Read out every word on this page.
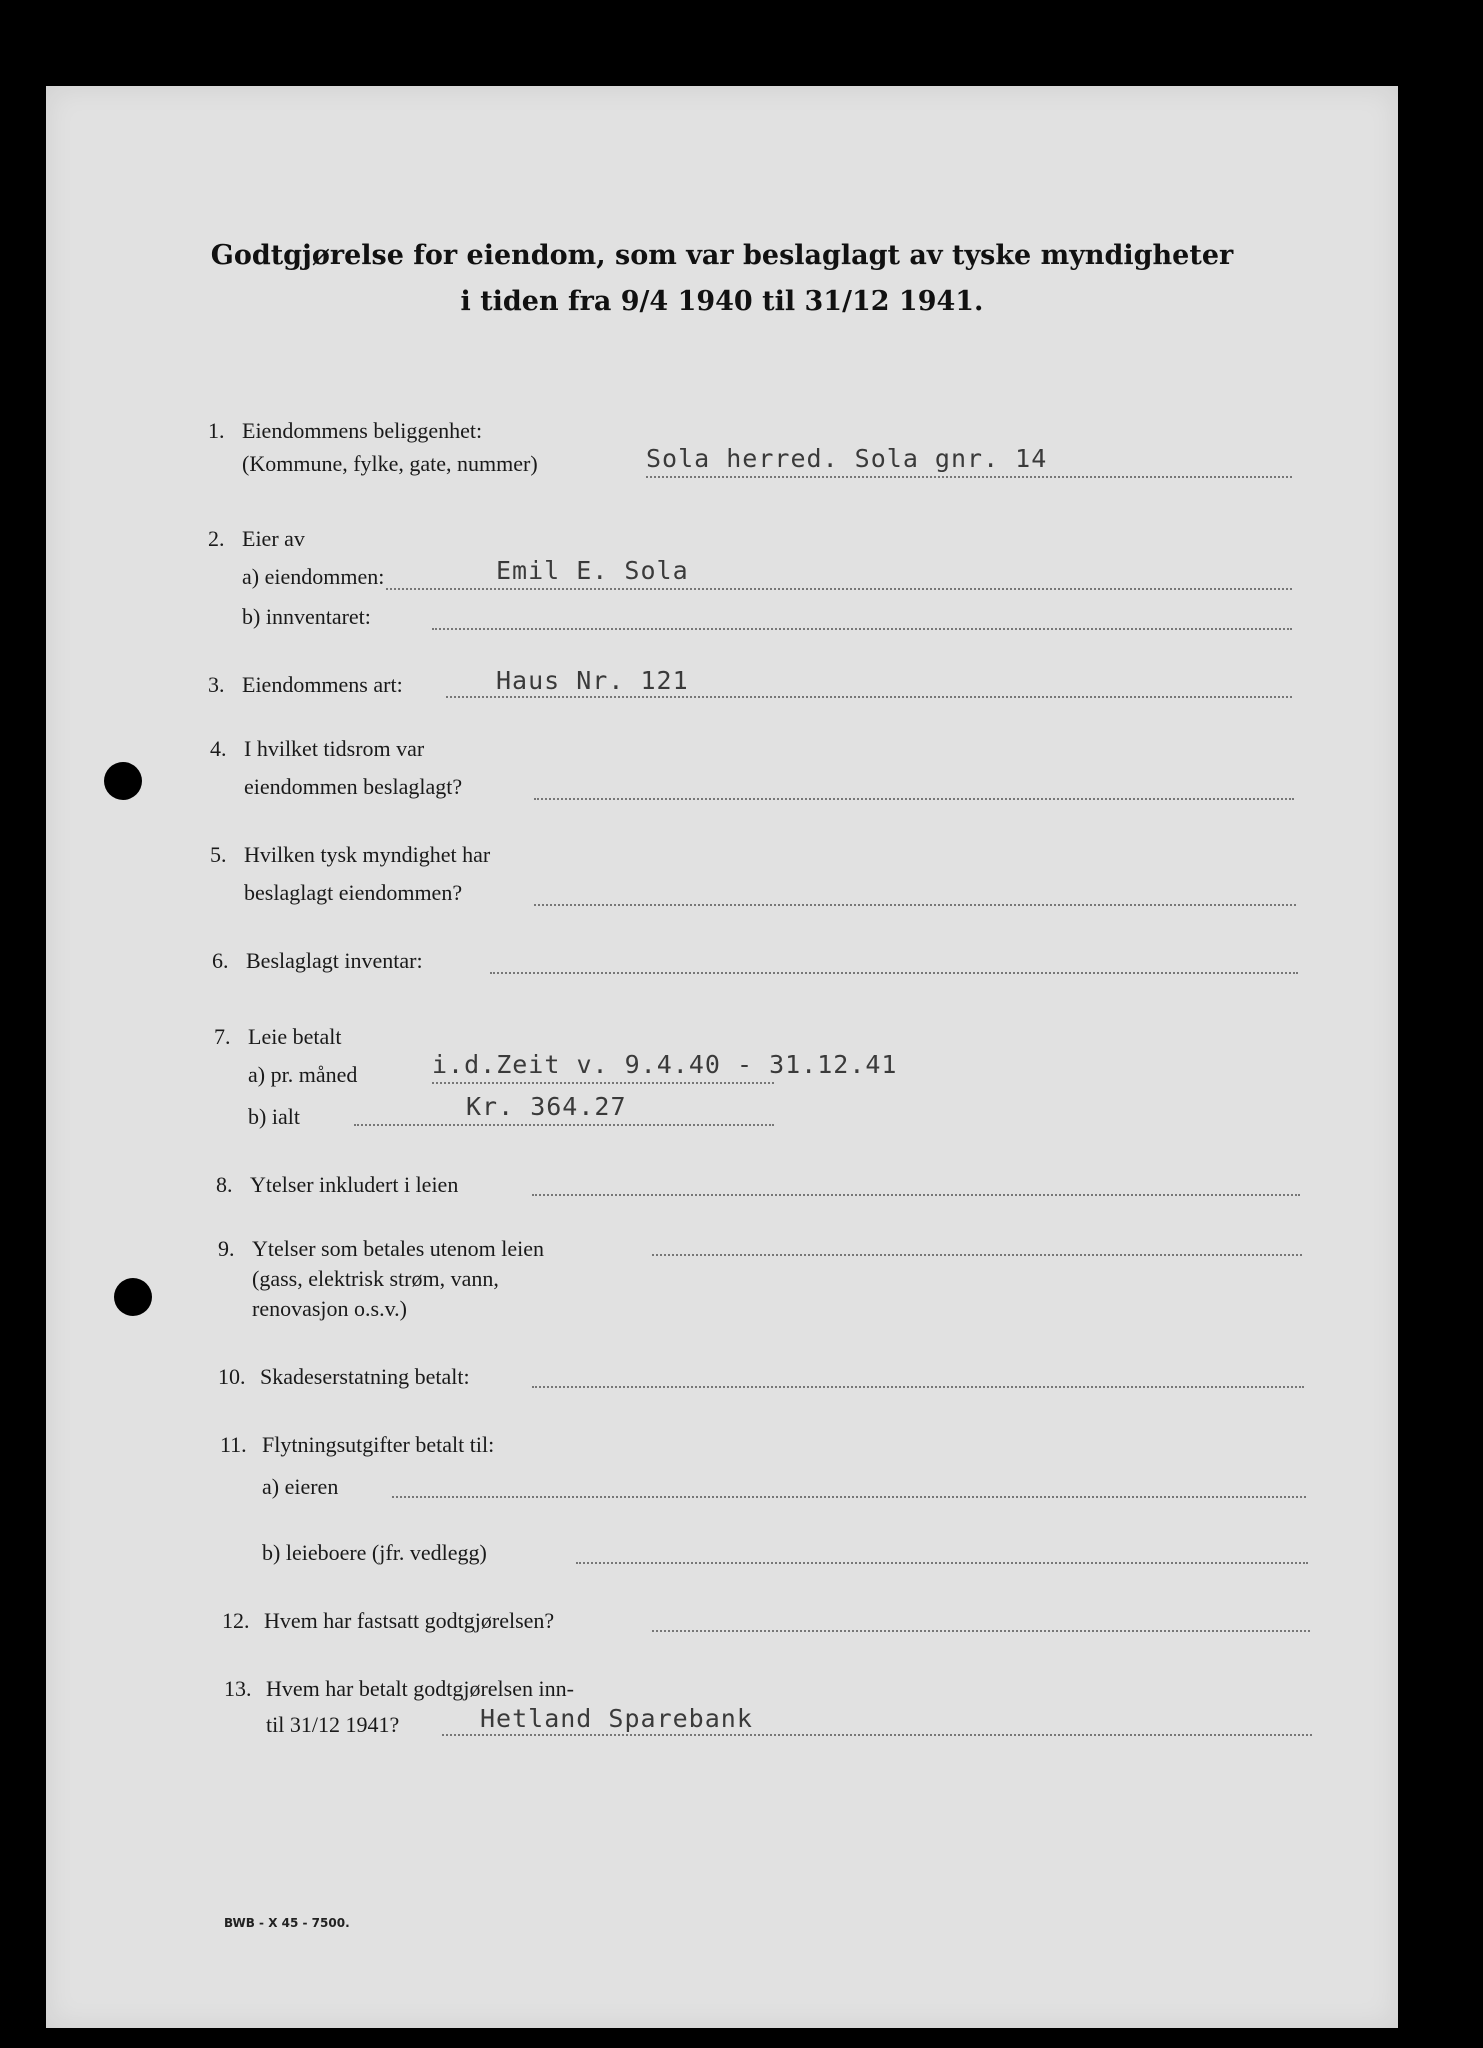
Godtgjørelse for eiendom, som var beslaglagt av tyske myndigheter
i tiden fra 9/4 1940 til 31/12 1941.
1. Eiendommens beliggenhet:
(Kommune, fylke, gate, nummer)	Sola herred. Sola gnr. 14
2. Eier av
a) eiendommen:	Emil E. Sola
b) innventaret:
3. Eiendommens art:	Haus Nr. 121
4. I hvilket tidsrom var
eiendommen beslaglagt?
5. Hvilken tysk myndighet har
beslaglagt eiendommen?
6. Beslaglagt inventar:
7. Leie betalt
a) pr. måned	i.d.Zeit v. 9.4.40 - 31.12.41
b) ialt	Kr. 364.27
8. Ytelser inkludert i leien
9. Ytelser som betales utenom leien
(gass, elektrisk strøm, vann,
renovasjon o.s.v.)
10. Skadeserstatning betalt:
11. Flytningsutgifter betalt til:
a) eieren
b) leieboere (jfr. vedlegg)
12. Hvem har fastsatt godtgjørelsen?
13. Hvem har betalt godtgjørelsen inn-
til 31/12 1941?	Hetland Sparebank
BWB - X 45 - 7500.
